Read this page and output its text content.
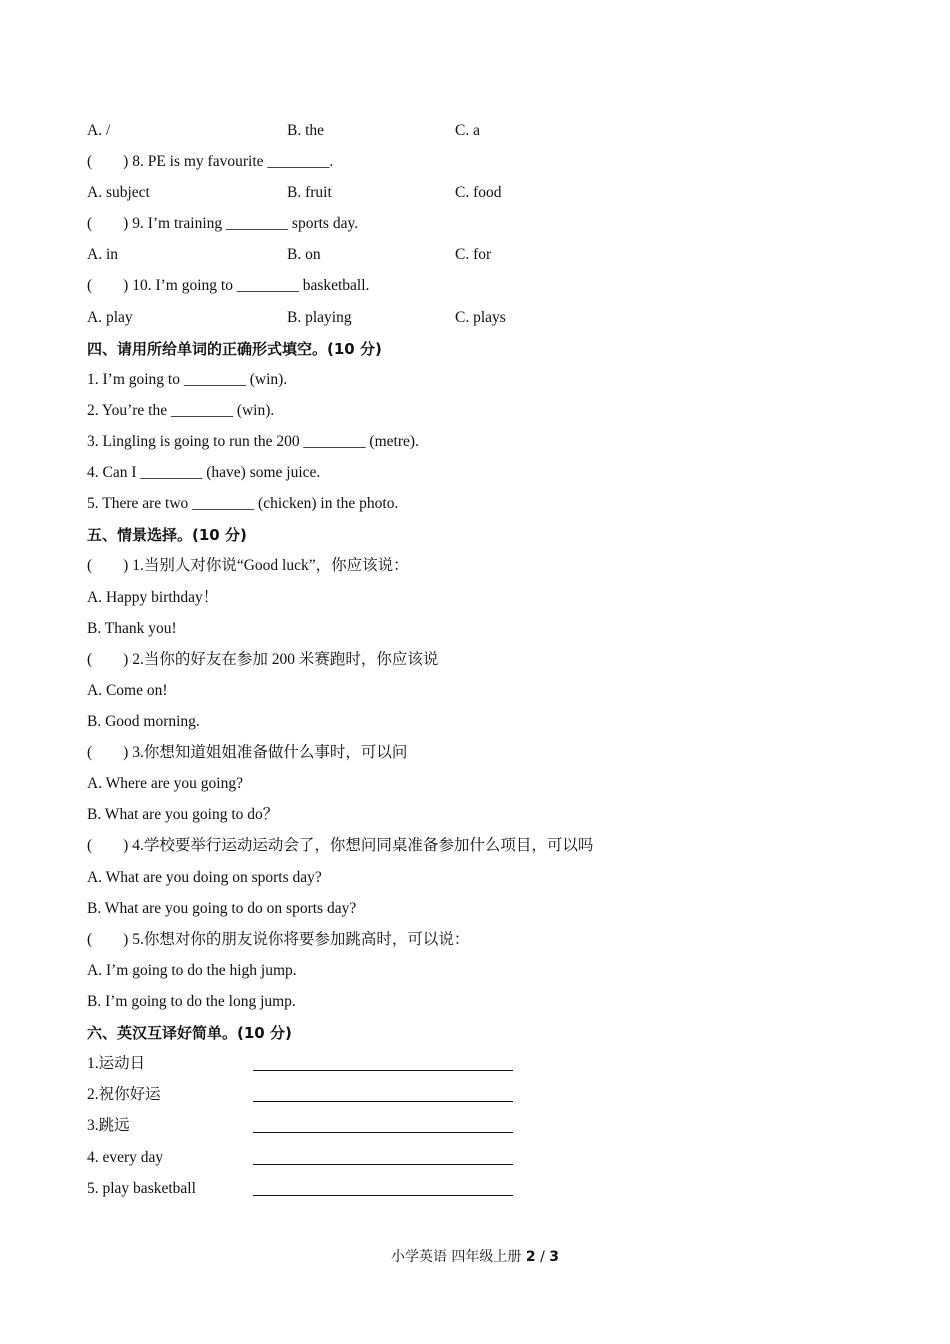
A. /

	B. the

	C. a

(　　) 8. PE is my favourite ________.

A. subject

	B. fruit

	C. food

(　　) 9. I’m training ________ sports day.

A. in

	B. on

	C. for

(　　) 10. I’m going to ________ basketball.

A. play

	B. playing

	C. plays

四、请用所给单词的正确形式填空。(10 分)
1. I’m going to ________ (win).
2. You’re the ________ (win).
3. Lingling is going to run the 200 ________ (metre).
4. Can I ________ (have) some juice.
5. There are two ________ (chicken) in the photo.
五、情景选择。(10 分)
(　　) 1.当别人对你说“Good luck”，你应该说：
A. Happy birthday！
B. Thank you!
(　　) 2.当你的好友在参加 200 米赛跑时，你应该说
A. Come on!
B. Good morning.
(　　) 3.你想知道姐姐准备做什么事时，可以问
A. Where are you going?
B. What are you going to do？
(　　) 4.学校要举行运动运动会了，你想问同桌准备参加什么项目，可以吗
A. What are you doing on sports day?
B. What are you going to do on sports day?
(　　) 5.你想对你的朋友说你将要参加跳高时，可以说：
A. I’m going to do the high jump.
B. I’m going to do the long jump.
六、英汉互译好简单。(10 分)

1.运动日

2.祝你好运

3.跳远

4. every day

5. play basketball

小学英语 四年级上册 2 / 3
